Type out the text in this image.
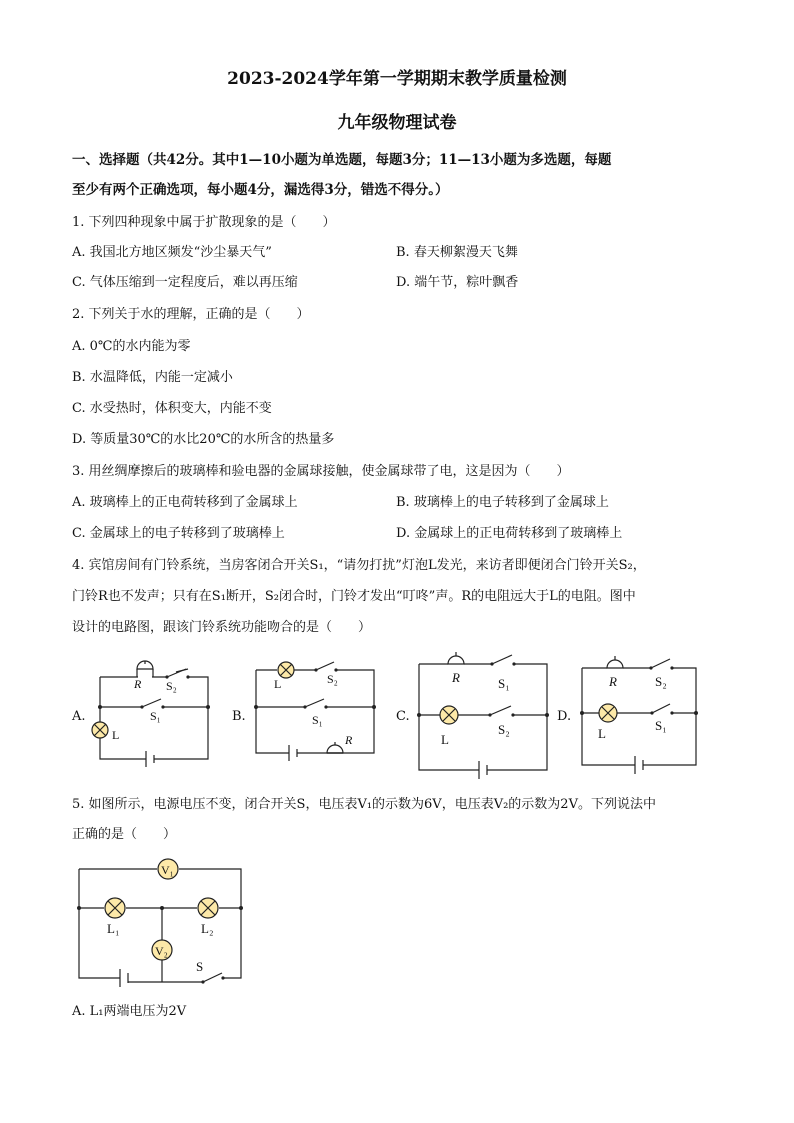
2023-2024学年第一学期期末教学质量检测
九年级物理试卷
一、选择题（共42分。其中1—10小题为单选题，每题3分；11—13小题为多选题，每题
至少有两个正确选项，每小题4分，漏选得3分，错选不得分。）
1. 下列四种现象中属于扩散现象的是（　　）
A. 我国北方地区频发“沙尘暴天气”	B. 春天柳絮漫天飞舞
C. 气体压缩到一定程度后，难以再压缩	D. 端午节，粽叶飘香
2. 下列关于水的理解，正确的是（　　）
A. 0℃的水内能为零
B. 水温降低，内能一定减小
C. 水受热时，体积变大，内能不变
D. 等质量30℃的水比20℃的水所含的热量多
3. 用丝绸摩擦后的玻璃棒和验电器的金属球接触，使金属球带了电，这是因为（　　）
A. 玻璃棒上的正电荷转移到了金属球上	B. 玻璃棒上的电子转移到了金属球上
C. 金属球上的电子转移到了玻璃棒上	D. 金属球上的正电荷转移到了玻璃棒上
4. 宾馆房间有门铃系统，当房客闭合开关S₁，“请勿打扰”灯泡L发光，来访者即便闭合门铃开关S₂，
门铃R也不发声；只有在S₁断开，S₂闭合时，门铃才发出“叮咚”声。R的电阻远大于L的电阻。图中
设计的电路图，跟该门铃系统功能吻合的是（　　）
A.	B.	C.	D.
R S₂
S₁
L
L	S₂
S₁
R
R	S₁
L
S₂
R	S₂
L
S₁
V₁
V₂
L₁	L₂
S
5. 如图所示，电源电压不变，闭合开关S，电压表V₁的示数为6V，电压表V₂的示数为2V。下列说法中
正确的是（　　）
A. L₁两端电压为2V
